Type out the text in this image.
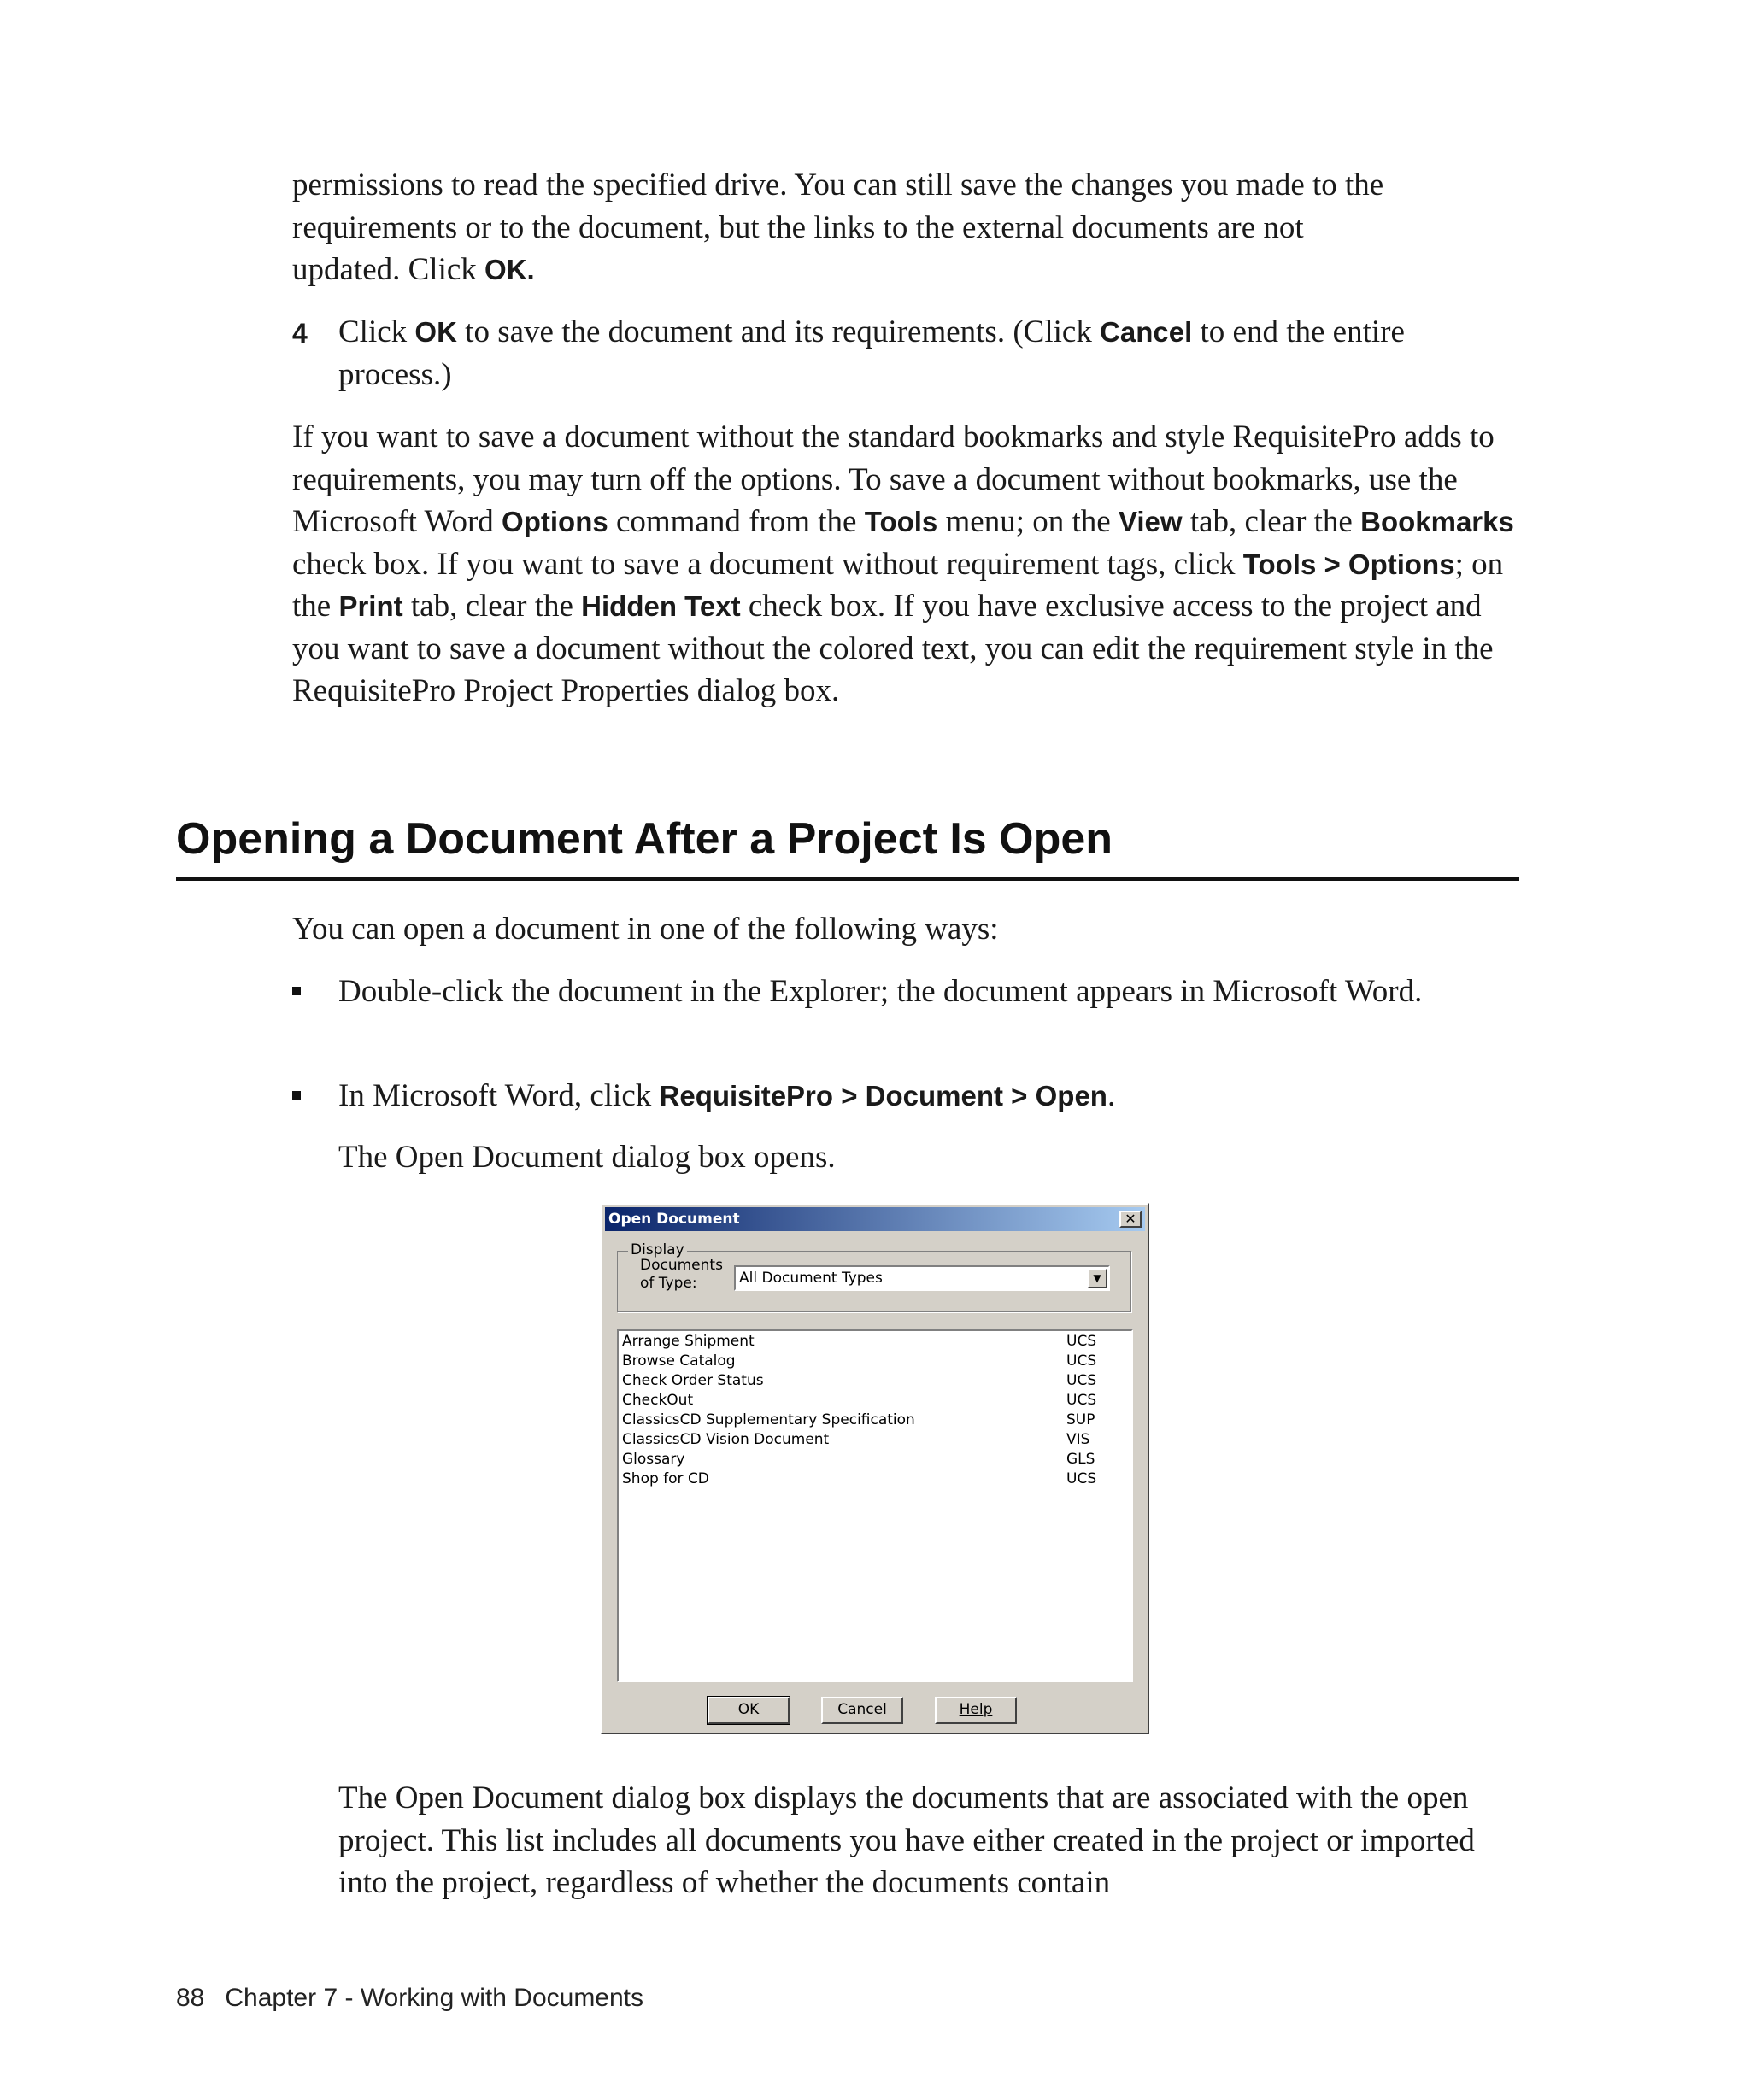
permissions to read the specified drive. You can still save the changes you made to the
requirements or to the document, but the links to the external documents are not
updated. Click OK.

4 Click OK to save the document and its requirements. (Click Cancel to end the entire process.)

If you want to save a document without the standard bookmarks and style RequisitePro adds to requirements, you may turn off the options. To save a document without bookmarks, use the Microsoft Word Options command from the Tools menu; on the View tab, clear the Bookmarks check box. If you want to save a document without requirement tags, click Tools > Options; on the Print tab, clear the Hidden Text check box. If you have exclusive access to the project and you want to save a document without the colored text, you can edit the requirement style in the RequisitePro Project Properties dialog box.

Opening a Document After a Project Is Open

You can open a document in one of the following ways:

Double-click the document in the Explorer; the document appears in Microsoft Word.

In Microsoft Word, click RequisitePro > Document > Open.

The Open Document dialog box opens.

Open Document	✕
Display
Documents
of Type:	All Document Types	▼
Arrange Shipment	UCS
Browse Catalog	UCS
Check Order Status	UCS
CheckOut	UCS
ClassicsCD Supplementary Specification	SUP
ClassicsCD Vision Document	VIS
Glossary	GLS
Shop for CD	UCS
OK	Cancel	Help

The Open Document dialog box displays the documents that are associated with the open project. This list includes all documents you have either created in the project or imported into the project, regardless of whether the documents contain

88 Chapter 7 - Working with Documents
